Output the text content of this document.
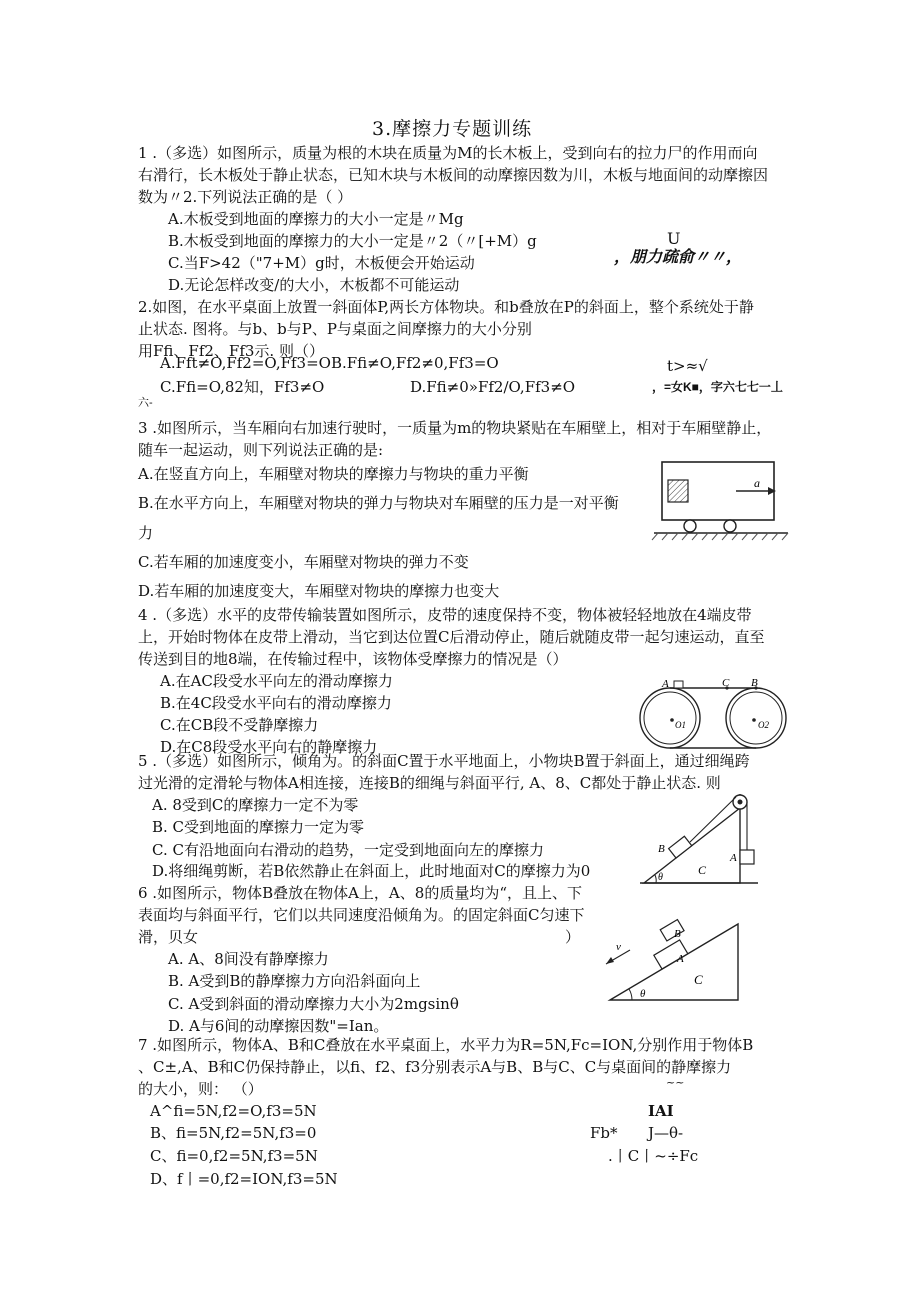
3.摩擦力专题训练
1 .（多选）如图所示，质量为根的木块在质量为M的长木板上，受到向右的拉力尸的作用而向
右滑行，长木板处于静止状态，已知木块与木板间的动摩擦因数为川，木板与地面间的动摩擦因
数为〃2.下列说法正确的是（ ）
A.木板受到地面的摩擦力的大小一定是〃Mg
B.木板受到地面的摩擦力的大小一定是〃2（〃[+M）g
C.当F>42（"7+M）g时，木板便会开始运动
D.无论怎样改变/的大小，木板都不可能运动
U
，朋力疏俞〃〃，
2.如图，在水平桌面上放置一斜面体P,两长方体物块。和b叠放在P的斜面上，整个系统处于静
止状态. 图将。与b、b与P、P与桌面之间摩擦力的大小分别
用Ffi、Ff2、Ff3示. 则（）
A.Fft≠O,Ff2=O,Ff3=OB.Ffi≠O,Ff2≠0,Ff3=O
C.Ffi=O,82知，Ff3≠O	D.Ffi≠0»Ff2∕O,Ff3≠O
t>≈√
，=女K■，字六七七一丄
六-
3 .如图所示，当车厢向右加速行驶时，一质量为m的物块紧贴在车厢壁上，相对于车厢壁静止，
随车一起运动，则下列说法正确的是:
A.在竖直方向上，车厢壁对物块的摩擦力与物块的重力平衡
B.在水平方向上，车厢壁对物块的弹力与物块对车厢壁的压力是一对平衡
力
C.若车厢的加速度变小，车厢壁对物块的弹力不变
D.若车厢的加速度变大，车厢壁对物块的摩擦力也变大
a
4 .（多选）水平的皮带传输装置如图所示，皮带的速度保持不变，物体被轻轻地放在4端皮带
上，开始时物体在皮带上滑动，当它到达位置C后滑动停止，随后就随皮带一起匀速运动，直至
传送到目的地8端，在传输过程中，该物体受摩擦力的情况是（）
A.在AC段受水平向左的滑动摩擦力
B.在4C段受水平向右的滑动摩擦力
C.在CB段不受静摩擦力
D.在C8段受水平向右的静摩擦力
A	C B
O1	O2
5 .（多选）如图所示，倾角为。的斜面C置于水平地面上，小物块B置于斜面上，通过细绳跨
过光滑的定滑轮与物体A相连接，连接B的细绳与斜面平行, A、8、C都处于静止状态. 则
A. 8受到C的摩擦力一定不为零
B. C受到地面的摩擦力一定为零
C. C有沿地面向右滑动的趋势，一定受到地面向左的摩擦力
D.将细绳剪断，若B依然静止在斜面上，此时地面对C的摩擦力为0
B
A
C
θ
6 .如图所示，物体B叠放在物体A上，A、8的质量均为“，且上、下
表面均与斜面平行，它们以共同速度沿倾角为。的固定斜面C匀速下
滑，贝女	）
A. A、8间没有静摩擦力
B. A受到B的静摩擦力方向沿斜面向上
C. A受到斜面的滑动摩擦力大小为2mgsinθ
D. A与6间的动摩擦因数"=Ian。
v
B
A
C
θ
7 .如图所示，物体A、B和C叠放在水平桌面上，水平力为R=5N,Fc=ION,分别作用于物体B
、C±,A、B和C仍保持静止，以fi、f2、f3分别表示A与B、B与C、C与桌面间的静摩擦力
的大小，则： （）	~~
A^fi=5N,f2=O,f3=5N
B、fi=5N,f2=5N,f3=0
C、fi=0,f2=5N,f3=5N
D、f丨=0,f2=ION,f3=5N
IAI
Fb* J—θ-
.丨C丨~÷Fc
